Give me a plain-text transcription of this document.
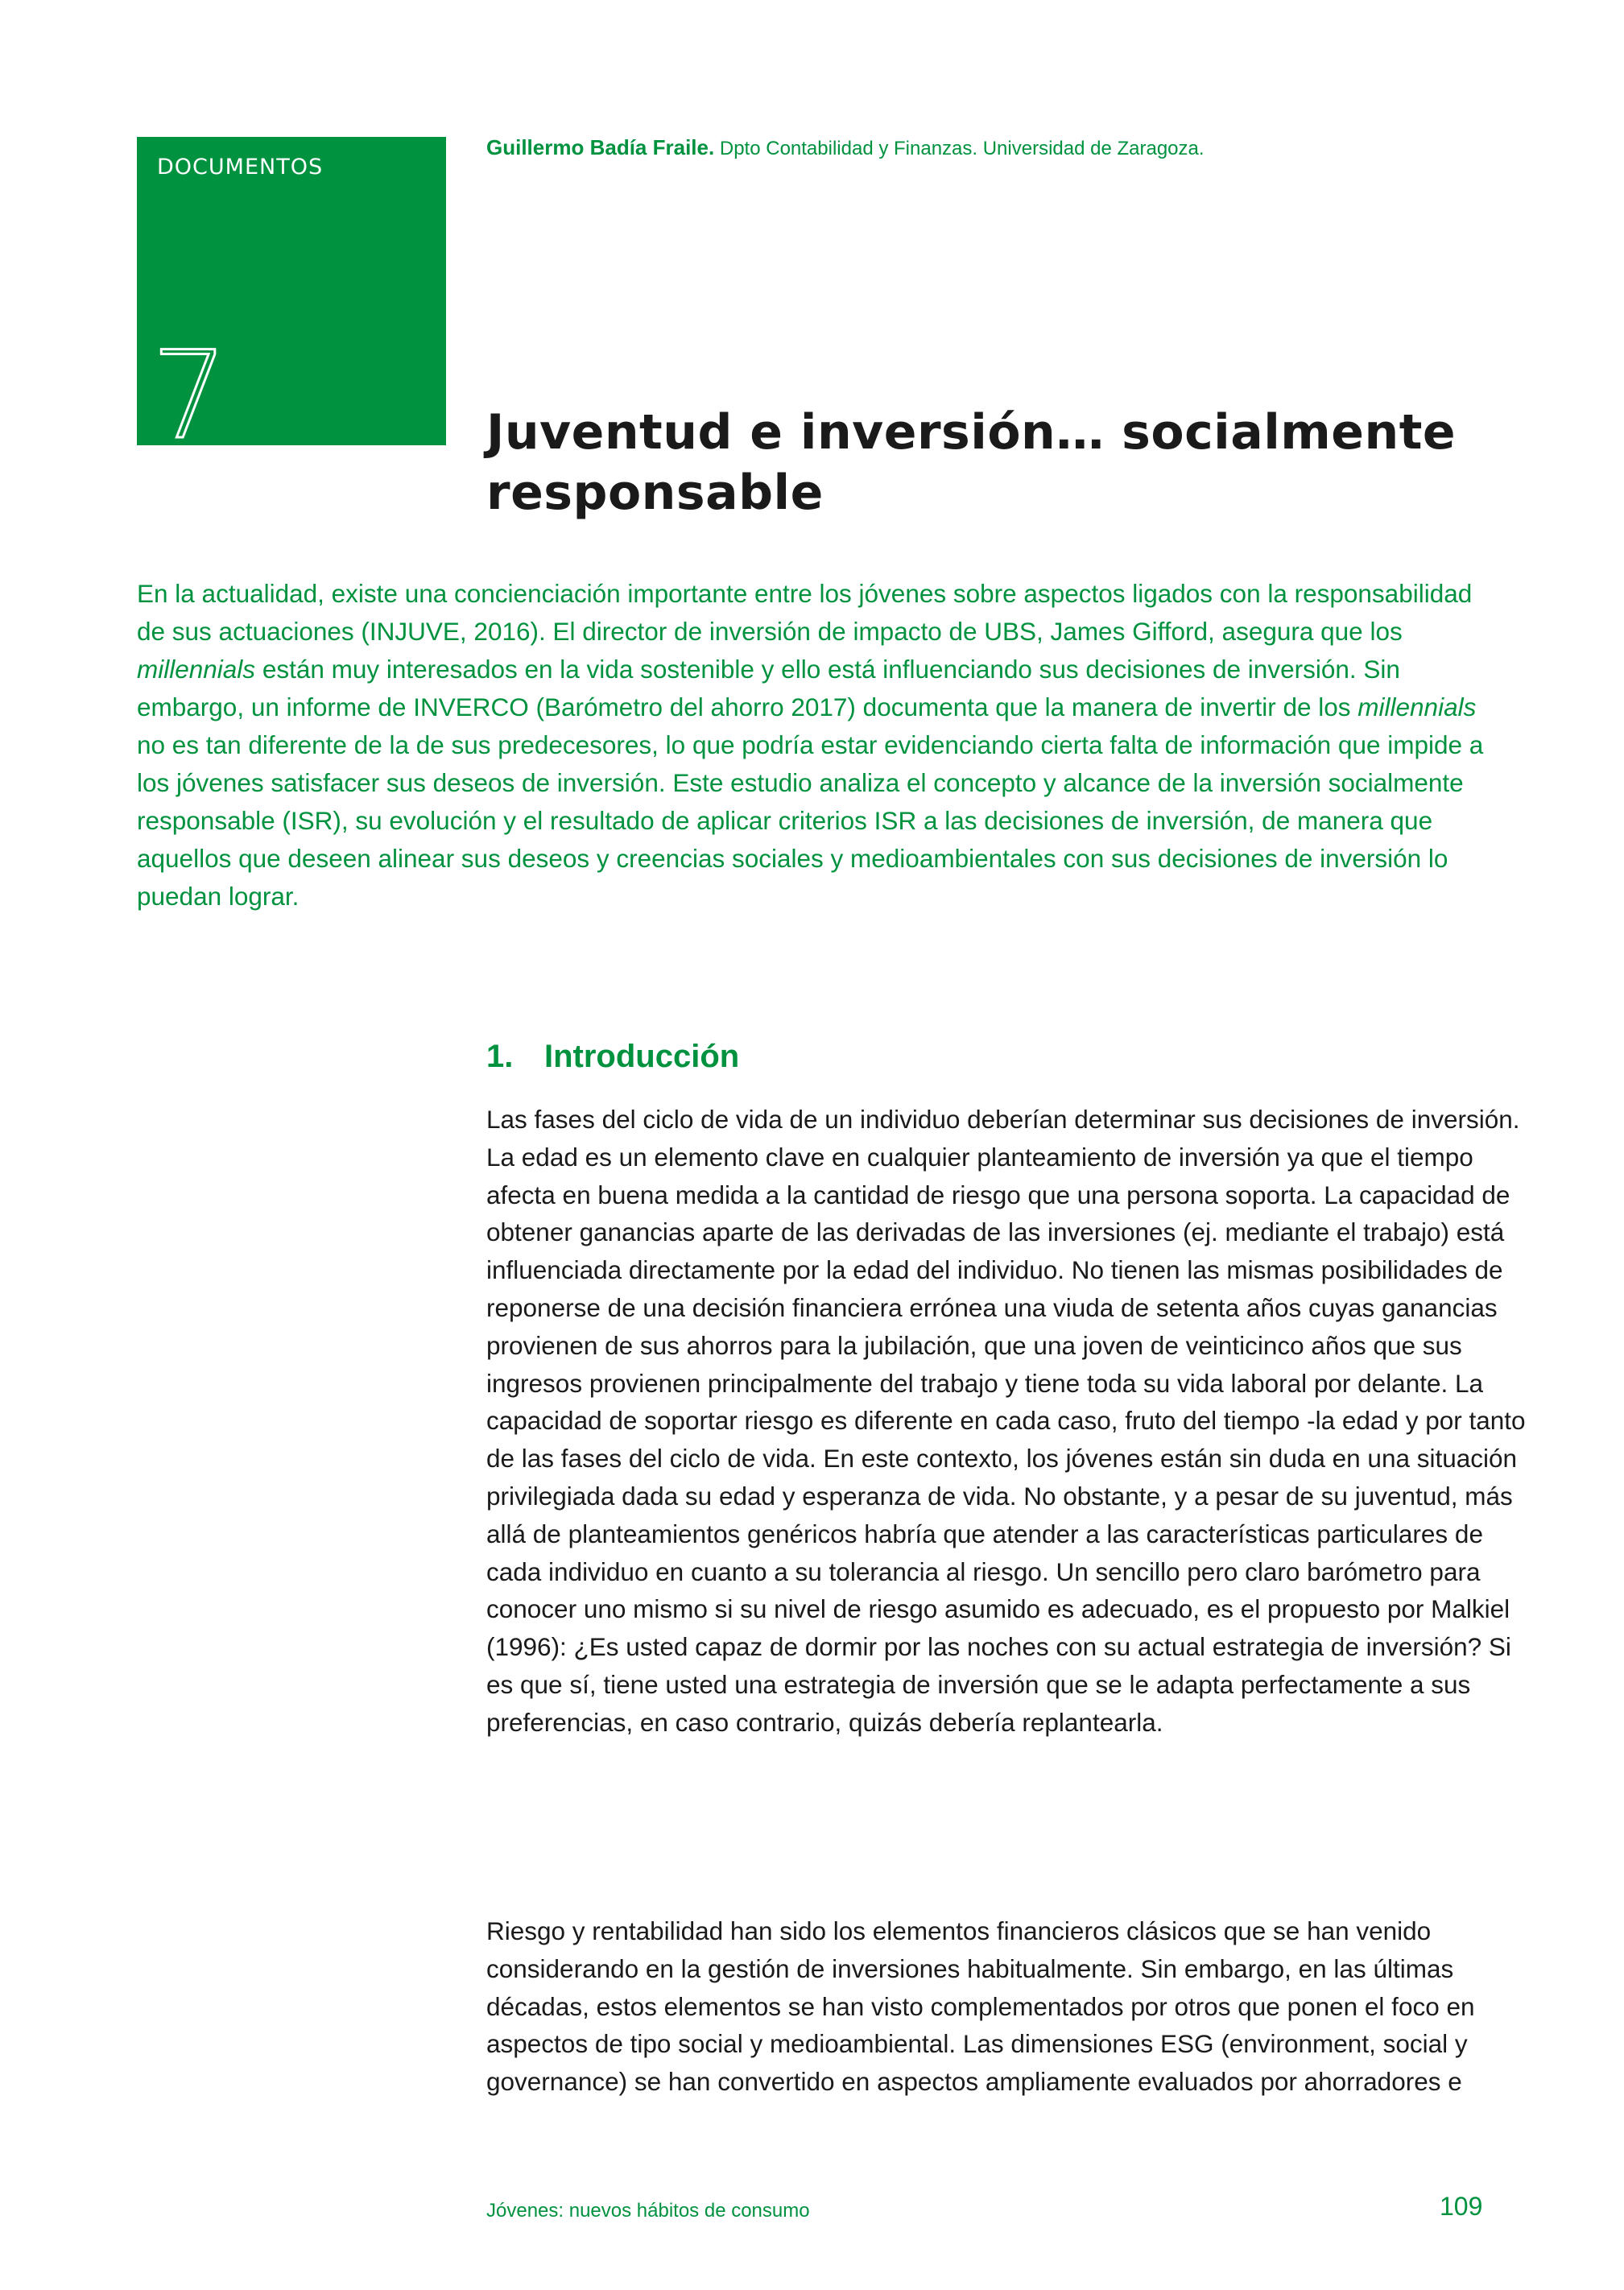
DOCUMENTOS
7
Guillermo Badía Fraile. Dpto Contabilidad y Finanzas. Universidad de Zaragoza.
Juventud e inversión… socialmente responsable

En la actualidad, existe una concienciación importante entre los jóvenes sobre aspectos ligados con la responsabilidad de sus actuaciones (INJUVE, 2016). El director de inversión de impacto de UBS, James Gifford, asegura que los millennials están muy interesados en la vida sostenible y ello está influenciando sus decisiones de inversión. Sin embargo, un informe de INVERCO (Barómetro del ahorro 2017) documenta que la manera de invertir de los millennials no es tan diferente de la de sus predecesores, lo que podría estar evidenciando cierta falta de información que impide a los jóvenes satisfacer sus deseos de inversión. Este estudio analiza el concepto y alcance de la inversión socialmente responsable (ISR), su evolución y el resultado de aplicar criterios ISR a las decisiones de inversión, de manera que aquellos que deseen alinear sus deseos y creencias sociales y medioambientales con sus decisiones de inversión lo puedan lograr.

1. Introducción

Las fases del ciclo de vida de un individuo deberían determinar sus decisiones de inversión. La edad es un elemento clave en cualquier planteamiento de inversión ya que el tiempo afecta en buena medida a la cantidad de riesgo que una persona soporta. La capacidad de obtener ganancias aparte de las derivadas de las inversiones (ej. mediante el trabajo) está influenciada directamente por la edad del individuo. No tienen las mismas posibilidades de reponerse de una decisión financiera errónea una viuda de setenta años cuyas ganancias provienen de sus ahorros para la jubilación, que una joven de veinticinco años que sus ingresos provienen principalmente del trabajo y tiene toda su vida laboral por delante. La capacidad de soportar riesgo es diferente en cada caso, fruto del tiempo -la edad y por tanto de las fases del ciclo de vida. En este contexto, los jóvenes están sin duda en una situación privilegiada dada su edad y esperanza de vida. No obstante, y a pesar de su juventud, más allá de planteamientos genéricos habría que atender a las características particulares de cada individuo en cuanto a su tolerancia al riesgo. Un sencillo pero claro barómetro para conocer uno mismo si su nivel de riesgo asumido es adecuado, es el propuesto por Malkiel (1996): ¿Es usted capaz de dormir por las noches con su actual estrategia de inversión? Si es que sí, tiene usted una estrategia de inversión que se le adapta perfectamente a sus preferencias, en caso contrario, quizás debería replantearla.

Riesgo y rentabilidad han sido los elementos financieros clásicos que se han venido considerando en la gestión de inversiones habitualmente. Sin embargo, en las últimas décadas, estos elementos se han visto complementados por otros que ponen el foco en aspectos de tipo social y medioambiental. Las dimensiones ESG (environment, social y governance) se han convertido en aspectos ampliamente evaluados por ahorradores e

Jóvenes: nuevos hábitos de consumo	109
